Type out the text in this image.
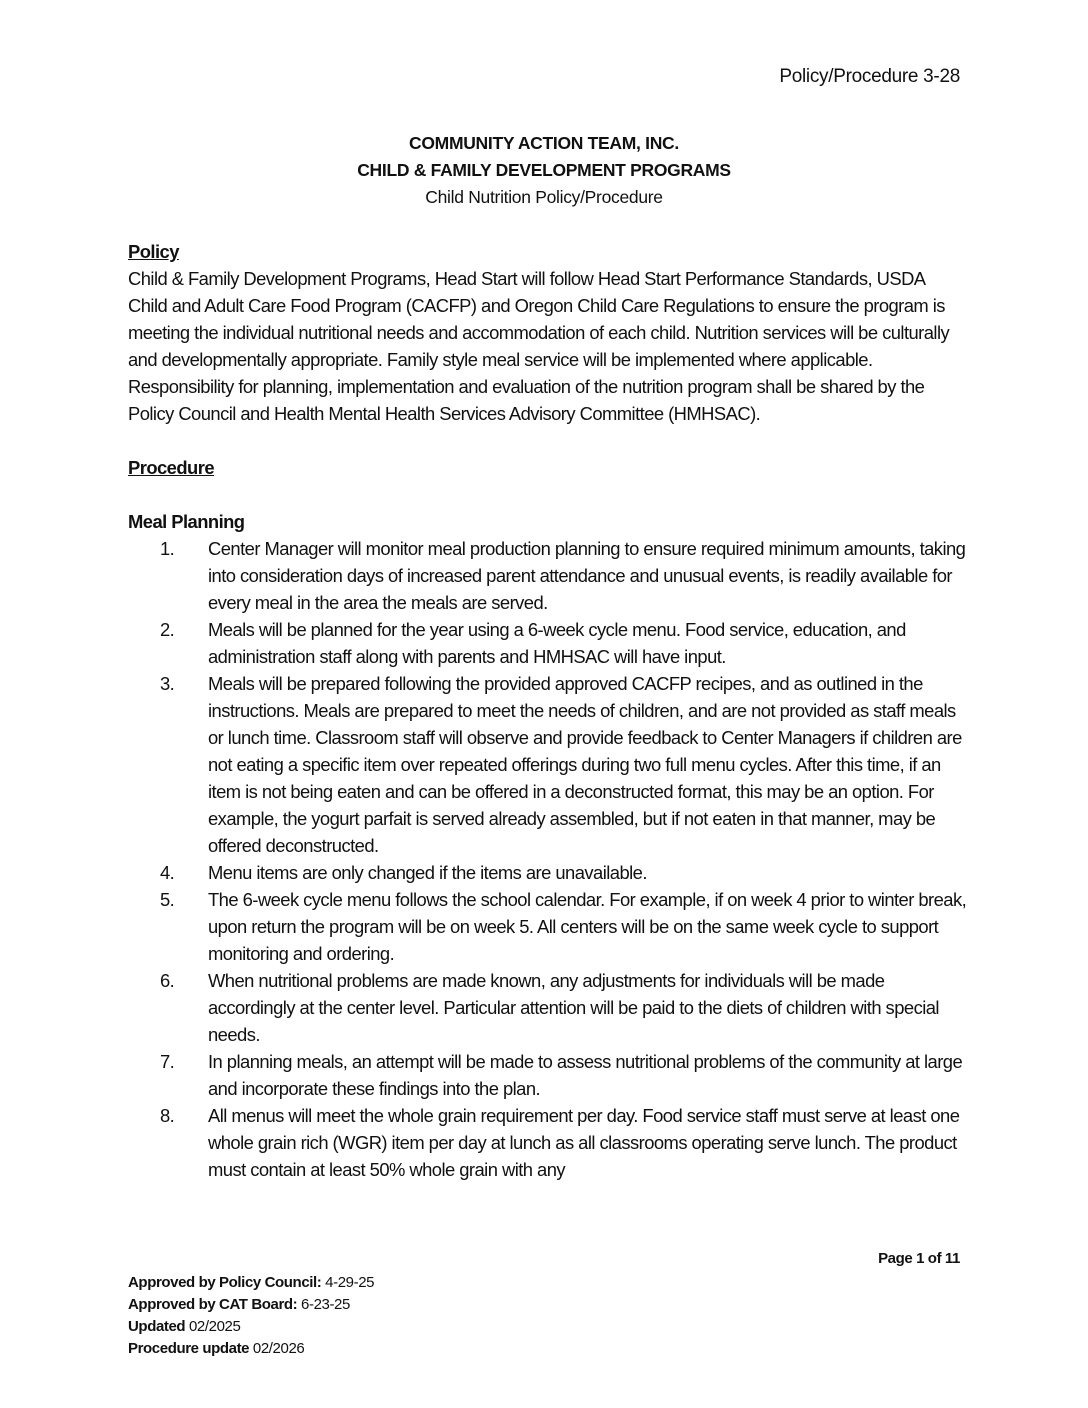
Policy/Procedure 3-28
COMMUNITY ACTION TEAM, INC.
CHILD & FAMILY DEVELOPMENT PROGRAMS
Child Nutrition Policy/Procedure
Policy

Child & Family Development Programs, Head Start will follow Head Start Performance Standards, USDA Child and Adult Care Food Program (CACFP) and Oregon Child Care Regulations to ensure the program is meeting the individual nutritional needs and accommodation of each child. Nutrition services will be culturally and developmentally appropriate. Family style meal service will be implemented where applicable. Responsibility for planning, implementation and evaluation of the nutrition program shall be shared by the Policy Council and Health Mental Health Services Advisory Committee (HMHSAC).

Procedure
Meal Planning
1. Center Manager will monitor meal production planning to ensure required minimum amounts, taking into consideration days of increased parent attendance and unusual events, is readily available for every meal in the area the meals are served.
2. Meals will be planned for the year using a 6-week cycle menu. Food service, education, and administration staff along with parents and HMHSAC will have input.
3. Meals will be prepared following the provided approved CACFP recipes, and as outlined in the instructions. Meals are prepared to meet the needs of children, and are not provided as staff meals or lunch time. Classroom staff will observe and provide feedback to Center Managers if children are not eating a specific item over repeated offerings during two full menu cycles. After this time, if an item is not being eaten and can be offered in a deconstructed format, this may be an option. For example, the yogurt parfait is served already assembled, but if not eaten in that manner, may be offered deconstructed.
4. Menu items are only changed if the items are unavailable.
5. The 6-week cycle menu follows the school calendar. For example, if on week 4 prior to winter break, upon return the program will be on week 5. All centers will be on the same week cycle to support monitoring and ordering.
6. When nutritional problems are made known, any adjustments for individuals will be made accordingly at the center level. Particular attention will be paid to the diets of children with special needs.
7. In planning meals, an attempt will be made to assess nutritional problems of the community at large and incorporate these findings into the plan.
8. All menus will meet the whole grain requirement per day. Food service staff must serve at least one whole grain rich (WGR) item per day at lunch as all classrooms operating serve lunch. The product must contain at least 50% whole grain with any
Page 1 of 11
Approved by Policy Council: 4-29-25
Approved by CAT Board: 6-23-25
Updated 02/2025
Procedure update 02/2026
